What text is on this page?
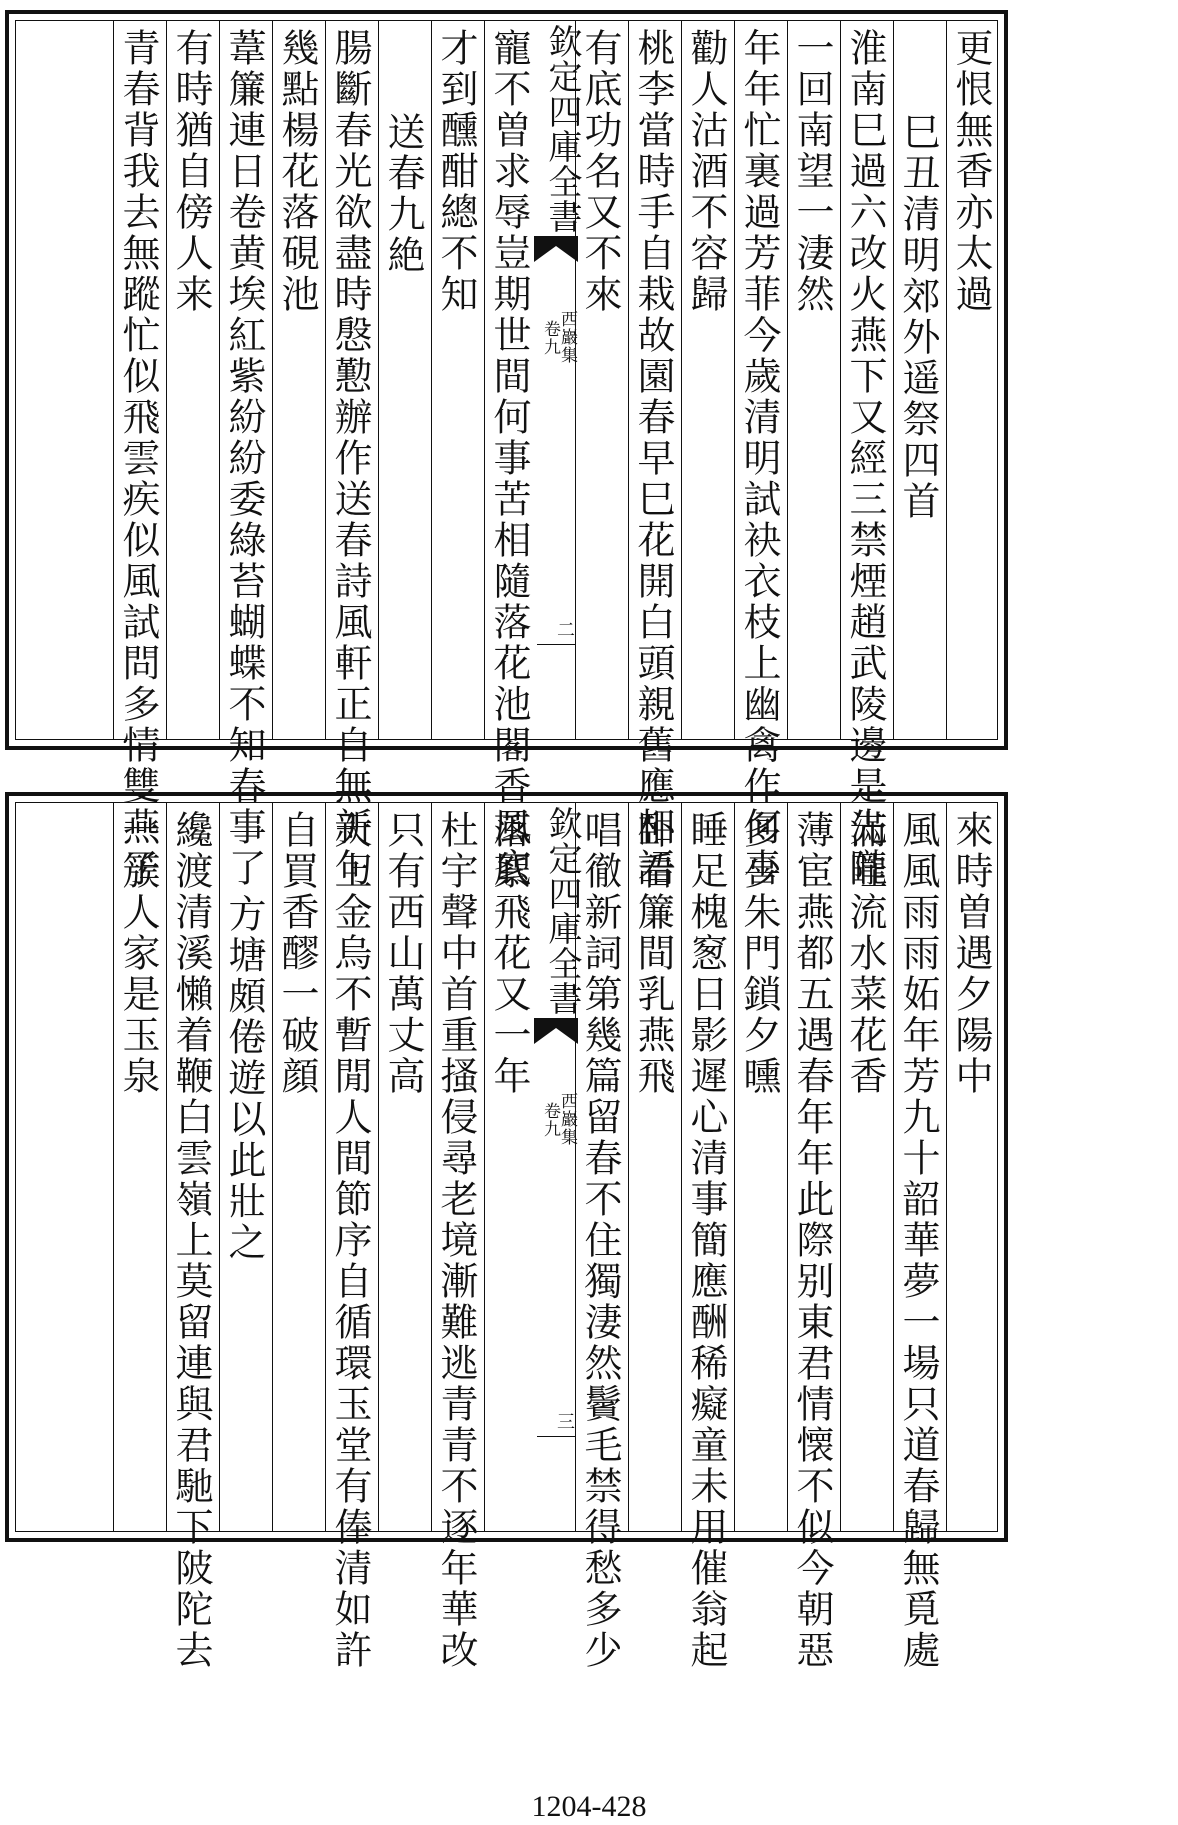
更恨無香亦太過
巳丑清明郊外遥祭四首
淮南巳過六改火燕下又經三禁煙趙武陵邊是先隴
一回南望一淒然
年年忙裏過芳菲今歲清明試袂衣枝上幽禽作何喜
勸人沽酒不容歸
桃李當時手自栽故園春早巳花開白頭親舊應相語
有底功名又不來
欽定四庫全書
西巖集
卷九
二
寵不曽求辱豈期世間何事苦相隨落花池閣香風底
才到醺酣總不知
送春九絶
腸斷春光欲盡時慇懃辦作送春詩風軒正自無新句
幾點楊花落硯池
葦簾連日卷黄埃紅紫紛紛委綠苔蝴蝶不知春事了
有時猶自傍人来
青春背我去無蹤忙似飛雲疾似風試問多情雙燕子
來時曽遇夕陽中
風風雨雨妬年芳九十韶華夢一場只道春歸無覓處
滿畦流水菜花香
薄宦燕都五遇春年年此際别東君情懐不似今朝惡
多少朱門鎖夕曛
睡足槐䆫日影遲心清事簡應酬稀癡童未用催翁起
卧看簾間乳燕飛
唱徹新詞第幾篇留春不住獨淒然鬢毛禁得愁多少
欽定四庫全書
西巖集
卷九
三
落絮飛花又一年
杜宇聲中首重搔侵尋老境漸難逃青青不逐年華改
只有西山萬丈高
天上金烏不暫閒人間節序自循環玉堂有俸清如許
自買香醪一破顔
方塘頗倦遊以此壯之
纔渡清溪懶着鞭白雲嶺上莫留連與君馳下陂陀去
一簇人家是玉泉
1204-428
